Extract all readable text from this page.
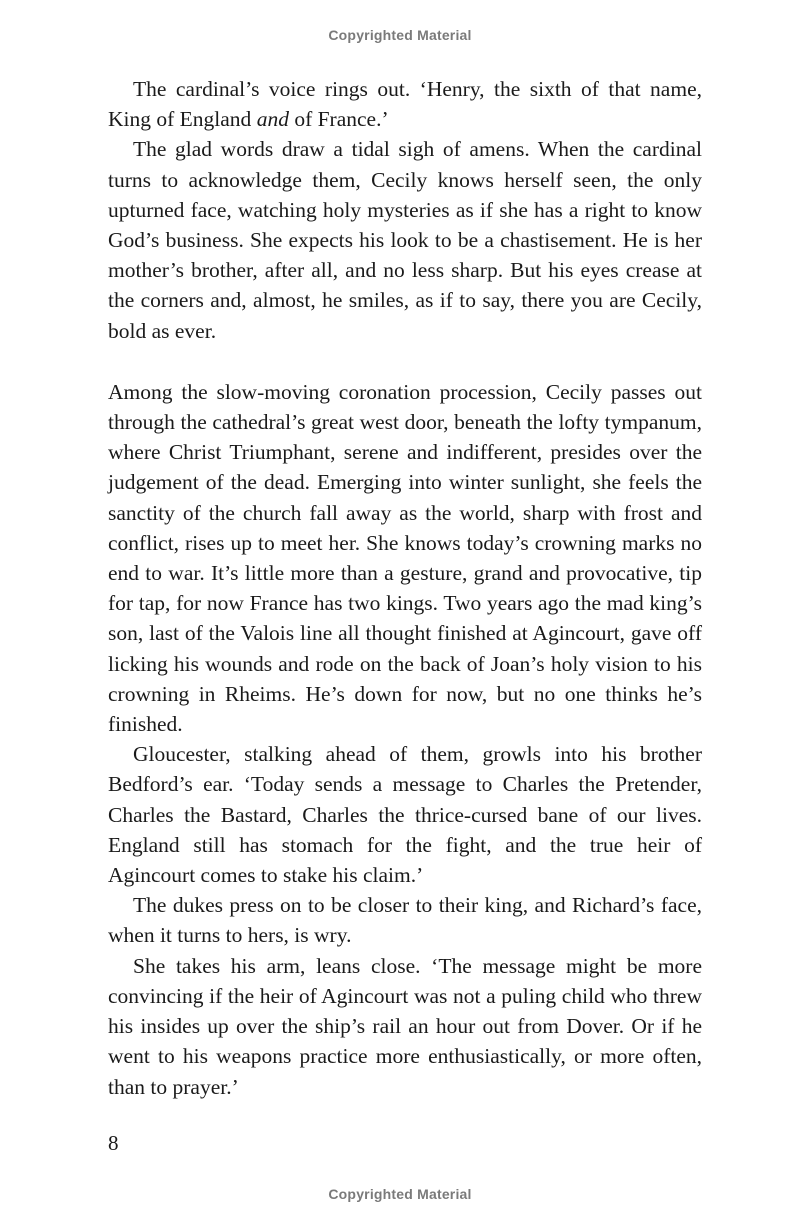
Copyrighted Material

The cardinal’s voice rings out. ‘Henry, the sixth of that name, King of England and of France.’

The glad words draw a tidal sigh of amens. When the cardinal turns to acknowledge them, Cecily knows herself seen, the only upturned face, watching holy mysteries as if she has a right to know God’s business. She expects his look to be a chastisement. He is her mother’s brother, after all, and no less sharp. But his eyes crease at the corners and, almost, he smiles, as if to say, there you are Cecily, bold as ever.

Among the slow-moving coronation procession, Cecily passes out through the cathedral’s great west door, beneath the lofty tympanum, where Christ Triumphant, serene and indifferent, presides over the judgement of the dead. Emerging into winter sunlight, she feels the sanctity of the church fall away as the world, sharp with frost and conflict, rises up to meet her. She knows today’s crowning marks no end to war. It’s little more than a gesture, grand and provocative, tip for tap, for now France has two kings. Two years ago the mad king’s son, last of the Valois line all thought finished at Agincourt, gave off licking his wounds and rode on the back of Joan’s holy vision to his crowning in Rheims. He’s down for now, but no one thinks he’s finished.

Gloucester, stalking ahead of them, growls into his brother Bedford’s ear. ‘Today sends a message to Charles the Pretender, Charles the Bastard, Charles the thrice-cursed bane of our lives. England still has stomach for the fight, and the true heir of Agincourt comes to stake his claim.’

The dukes press on to be closer to their king, and Richard’s face, when it turns to hers, is wry.

She takes his arm, leans close. ‘The message might be more convincing if the heir of Agincourt was not a puling child who threw his insides up over the ship’s rail an hour out from Dover. Or if he went to his weapons practice more enthusiastically, or more often, than to prayer.’

8
Copyrighted Material
